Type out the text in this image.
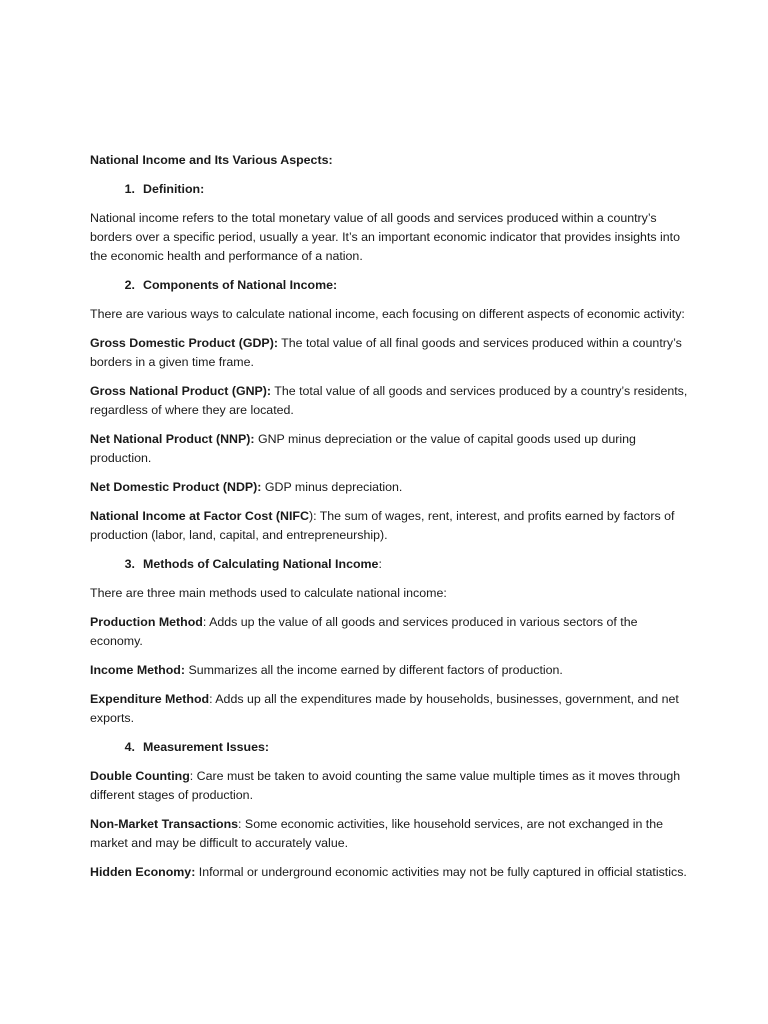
National Income and Its Various Aspects:

1. Definition:

National income refers to the total monetary value of all goods and services produced within a country’s borders over a specific period, usually a year. It’s an important economic indicator that provides insights into the economic health and performance of a nation.

2. Components of National Income:

There are various ways to calculate national income, each focusing on different aspects of economic activity:

Gross Domestic Product (GDP): The total value of all final goods and services produced within a country’s borders in a given time frame.

Gross National Product (GNP): The total value of all goods and services produced by a country’s residents, regardless of where they are located.

Net National Product (NNP): GNP minus depreciation or the value of capital goods used up during production.

Net Domestic Product (NDP): GDP minus depreciation.

National Income at Factor Cost (NIFC): The sum of wages, rent, interest, and profits earned by factors of production (labor, land, capital, and entrepreneurship).

3. Methods of Calculating National Income:

There are three main methods used to calculate national income:

Production Method: Adds up the value of all goods and services produced in various sectors of the economy.

Income Method: Summarizes all the income earned by different factors of production.

Expenditure Method: Adds up all the expenditures made by households, businesses, government, and net exports.

4. Measurement Issues:

Double Counting: Care must be taken to avoid counting the same value multiple times as it moves through different stages of production.

Non-Market Transactions: Some economic activities, like household services, are not exchanged in the market and may be difficult to accurately value.

Hidden Economy: Informal or underground economic activities may not be fully captured in official statistics.
